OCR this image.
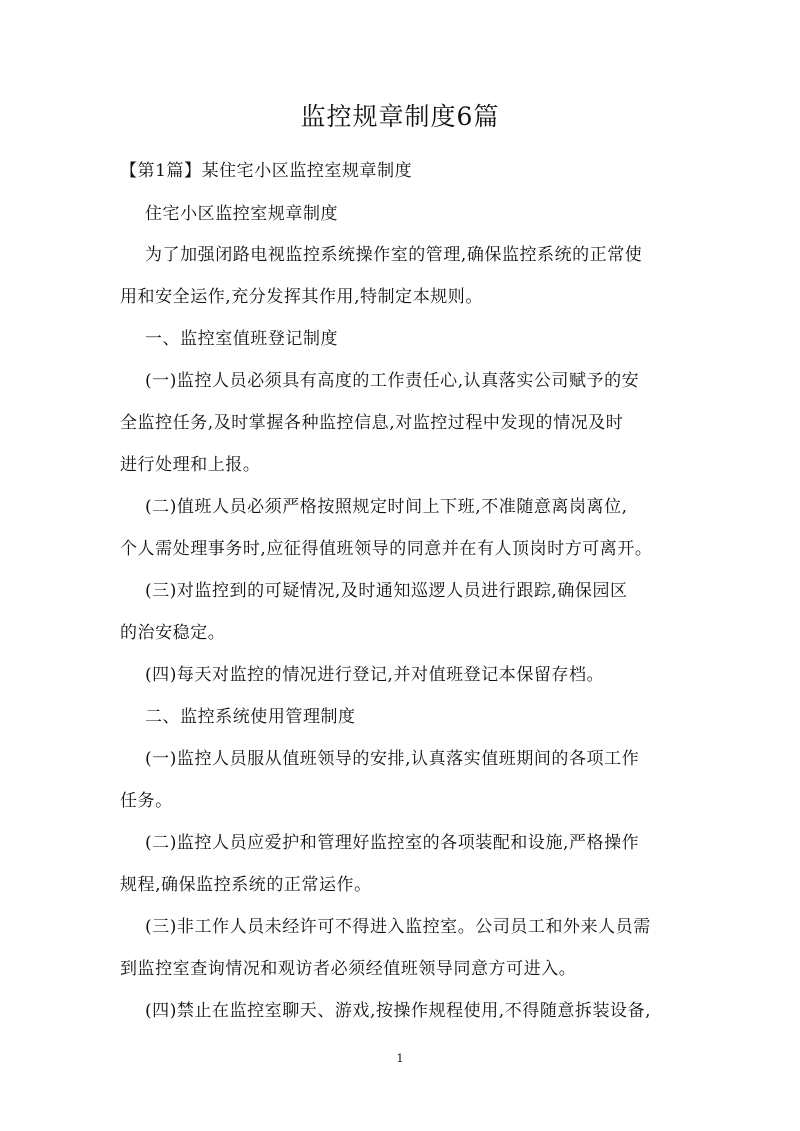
监控规章制度6篇
【第1篇】某住宅小区监控室规章制度
住宅小区监控室规章制度
为了加强闭路电视监控系统操作室的管理,确保监控系统的正常使
用和安全运作,充分发挥其作用,特制定本规则。
一、监控室值班登记制度
(一)监控人员必须具有高度的工作责任心,认真落实公司赋予的安
全监控任务,及时掌握各种监控信息,对监控过程中发现的情况及时
进行处理和上报。
(二)值班人员必须严格按照规定时间上下班,不准随意离岗离位,
个人需处理事务时,应征得值班领导的同意并在有人顶岗时方可离开。
(三)对监控到的可疑情况,及时通知巡逻人员进行跟踪,确保园区
的治安稳定。
(四)每天对监控的情况进行登记,并对值班登记本保留存档。
二、监控系统使用管理制度
(一)监控人员服从值班领导的安排,认真落实值班期间的各项工作
任务。
(二)监控人员应爱护和管理好监控室的各项装配和设施,严格操作
规程,确保监控系统的正常运作。
(三)非工作人员未经许可不得进入监控室。公司员工和外来人员需
到监控室查询情况和观访者必须经值班领导同意方可进入。
(四)禁止在监控室聊天、游戏,按操作规程使用,不得随意拆装设备,
1
